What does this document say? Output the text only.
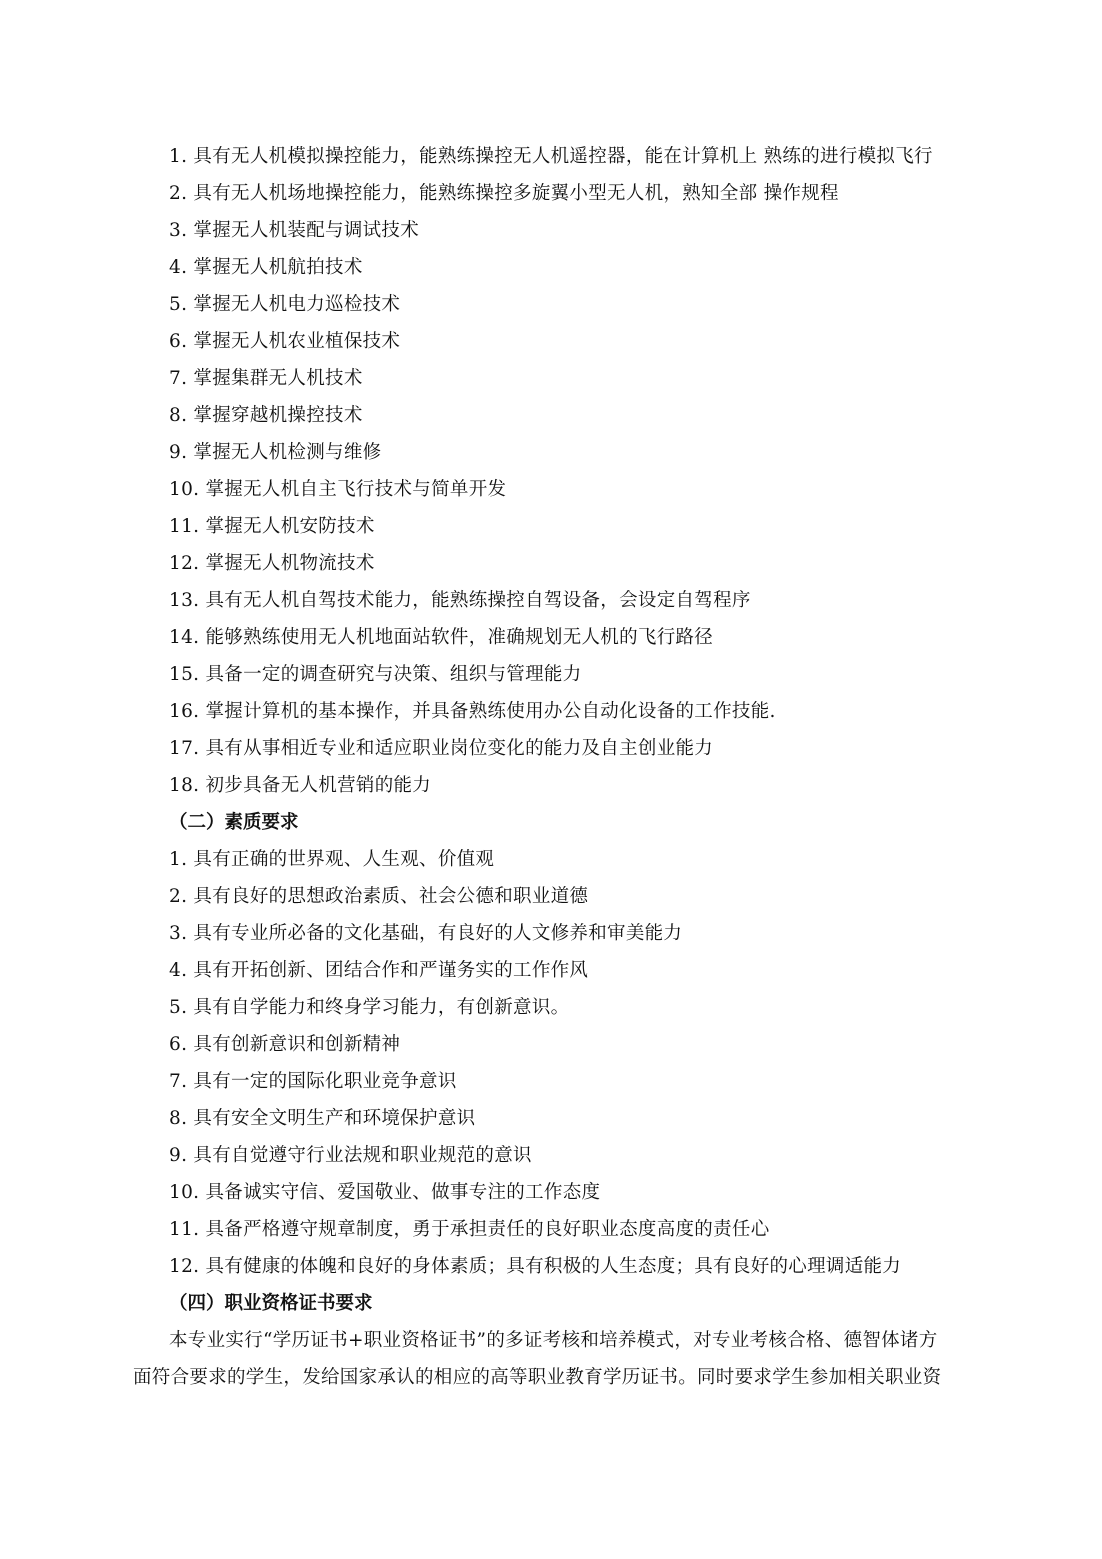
1. 具有无人机模拟操控能力，能熟练操控无人机遥控器，能在计算机上 熟练的进行模拟飞行
2. 具有无人机场地操控能力，能熟练操控多旋翼小型无人机，熟知全部 操作规程
3. 掌握无人机装配与调试技术
4. 掌握无人机航拍技术
5. 掌握无人机电力巡检技术
6. 掌握无人机农业植保技术
7. 掌握集群无人机技术
8. 掌握穿越机操控技术
9. 掌握无人机检测与维修
10. 掌握无人机自主飞行技术与简单开发
11. 掌握无人机安防技术
12. 掌握无人机物流技术
13. 具有无人机自驾技术能力，能熟练操控自驾设备，会设定自驾程序
14. 能够熟练使用无人机地面站软件，准确规划无人机的飞行路径
15. 具备一定的调查研究与决策、组织与管理能力
16. 掌握计算机的基本操作，并具备熟练使用办公自动化设备的工作技能.
17. 具有从事相近专业和适应职业岗位变化的能力及自主创业能力
18. 初步具备无人机营销的能力
（二）素质要求
1. 具有正确的世界观、人生观、价值观
2. 具有良好的思想政治素质、社会公德和职业道德
3. 具有专业所必备的文化基础，有良好的人文修养和审美能力
4. 具有开拓创新、团结合作和严谨务实的工作作风
5. 具有自学能力和终身学习能力，有创新意识。
6. 具有创新意识和创新精神
7. 具有一定的国际化职业竞争意识
8. 具有安全文明生产和环境保护意识
9. 具有自觉遵守行业法规和职业规范的意识
10. 具备诚实守信、爱国敬业、做事专注的工作态度
11. 具备严格遵守规章制度，勇于承担责任的良好职业态度高度的责任心
12. 具有健康的体魄和良好的身体素质；具有积极的人生态度；具有良好的心理调适能力
（四）职业资格证书要求
本专业实行“学历证书+职业资格证书”的多证考核和培养模式，对专业考核合格、德智体诸方
面符合要求的学生，发给国家承认的相应的高等职业教育学历证书。同时要求学生参加相关职业资
